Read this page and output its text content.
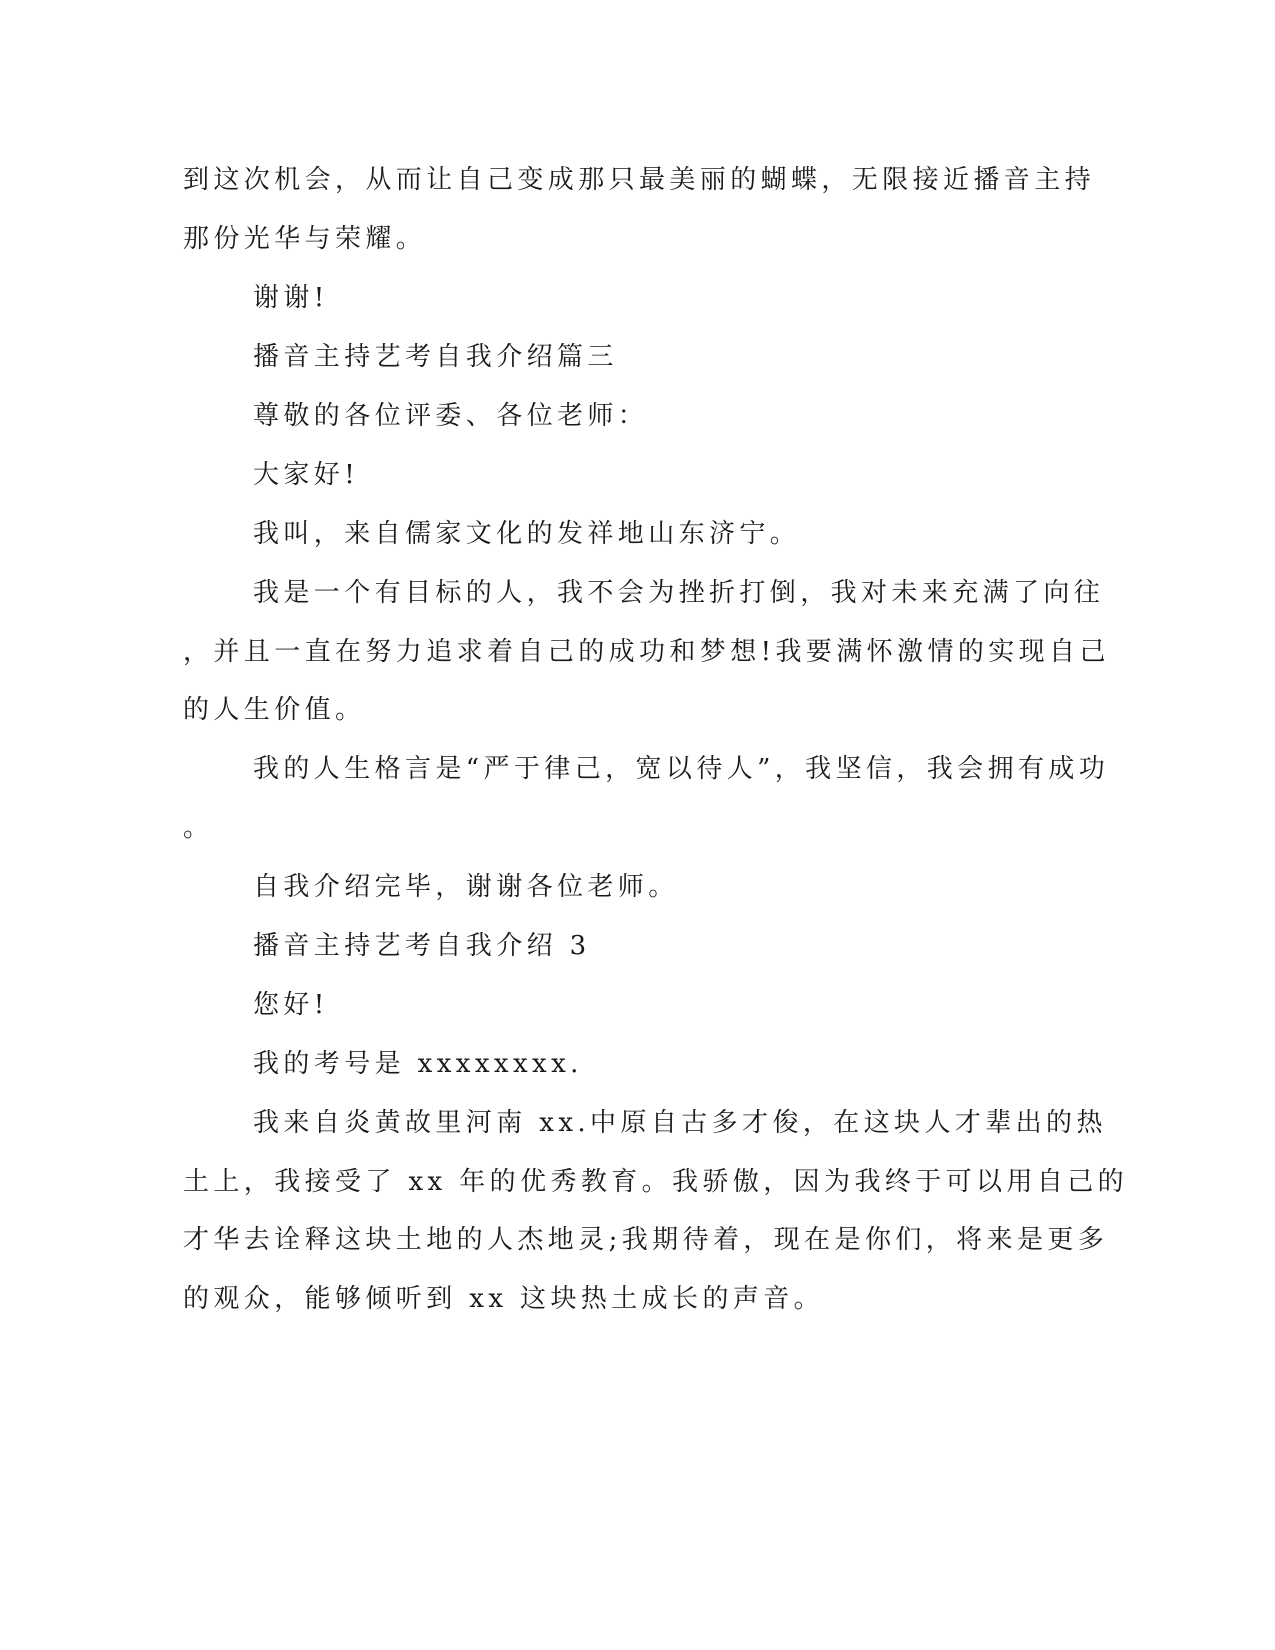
到这次机会，从而让自己变成那只最美丽的蝴蝶，无限接近播音主持
那份光华与荣耀。
谢谢!
播音主持艺考自我介绍篇三
尊敬的各位评委、各位老师：
大家好!
我叫，来自儒家文化的发祥地山东济宁。
我是一个有目标的人，我不会为挫折打倒，我对未来充满了向往
，并且一直在努力追求着自己的成功和梦想!我要满怀激情的实现自己
的人生价值。
我的人生格言是“严于律己，宽以待人”，我坚信，我会拥有成功
。
自我介绍完毕，谢谢各位老师。
播音主持艺考自我介绍 3
您好!
我的考号是 xxxxxxxx.
我来自炎黄故里河南 xx.中原自古多才俊，在这块人才辈出的热
土上，我接受了 xx 年的优秀教育。我骄傲，因为我终于可以用自己的
才华去诠释这块土地的人杰地灵;我期待着，现在是你们，将来是更多
的观众，能够倾听到 xx 这块热土成长的声音。
